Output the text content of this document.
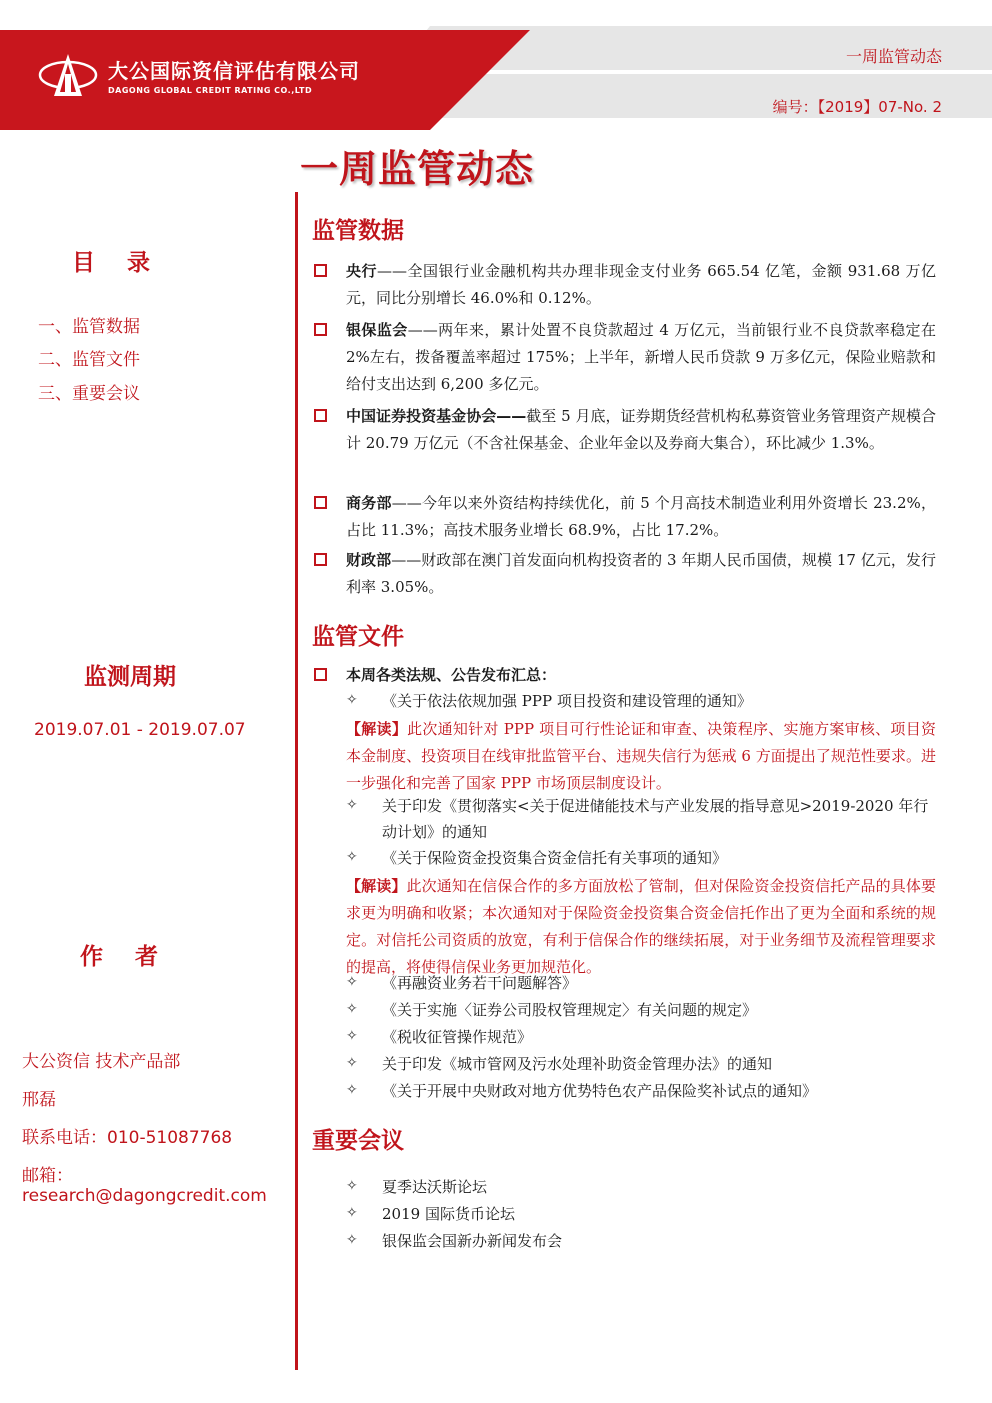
大公国际资信评估有限公司
DAGONG GLOBAL CREDIT RATING CO.,LTD
一周监管动态
编号：【2019】07-No. 2
一周监管动态
目    录
一、监管数据
二、监管文件
三、重要会议
监测周期
2019.07.01 - 2019.07.07
作    者
大公资信 技术产品部
邢磊
联系电话：010-51087768
邮箱：research@dagongcredit.com
监管数据
央行——全国银行业金融机构共办理非现金支付业务 665.54 亿笔，金额 931.68 万亿元，同比分别增长 46.0%和 0.12%。
银保监会——两年来，累计处置不良贷款超过 4 万亿元，当前银行业不良贷款率稳定在 2%左右，拨备覆盖率超过 175%；上半年，新增人民币贷款 9 万多亿元，保险业赔款和给付支出达到 6,200 多亿元。
中国证券投资基金协会——截至 5 月底，证券期货经营机构私募资管业务管理资产规模合计 20.79 万亿元（不含社保基金、企业年金以及券商大集合），环比减少 1.3%。
商务部——今年以来外资结构持续优化，前 5 个月高技术制造业利用外资增长 23.2%，占比 11.3%；高技术服务业增长 68.9%，占比 17.2%。
财政部——财政部在澳门首发面向机构投资者的 3 年期人民币国债，规模 17 亿元，发行利率 3.05%。
监管文件
本周各类法规、公告发布汇总：
✧ 《关于依法依规加强 PPP 项目投资和建设管理的通知》
【解读】此次通知针对 PPP 项目可行性论证和审查、决策程序、实施方案审核、项目资本金制度、投资项目在线审批监管平台、违规失信行为惩戒 6 方面提出了规范性要求。进一步强化和完善了国家 PPP 市场顶层制度设计。
✧ 关于印发《贯彻落实<关于促进储能技术与产业发展的指导意见>2019-2020 年行动计划》的通知
✧ 《关于保险资金投资集合资金信托有关事项的通知》
【解读】此次通知在信保合作的多方面放松了管制，但对保险资金投资信托产品的具体要求更为明确和收紧；本次通知对于保险资金投资集合资金信托作出了更为全面和系统的规定。对信托公司资质的放宽，有利于信保合作的继续拓展，对于业务细节及流程管理要求的提高，将使得信保业务更加规范化。
✧ 《再融资业务若干问题解答》
✧ 《关于实施〈证券公司股权管理规定〉有关问题的规定》
✧ 《税收征管操作规范》
✧ 关于印发《城市管网及污水处理补助资金管理办法》的通知
✧ 《关于开展中央财政对地方优势特色农产品保险奖补试点的通知》
重要会议
✧ 夏季达沃斯论坛
✧ 2019 国际货币论坛
✧ 银保监会国新办新闻发布会
